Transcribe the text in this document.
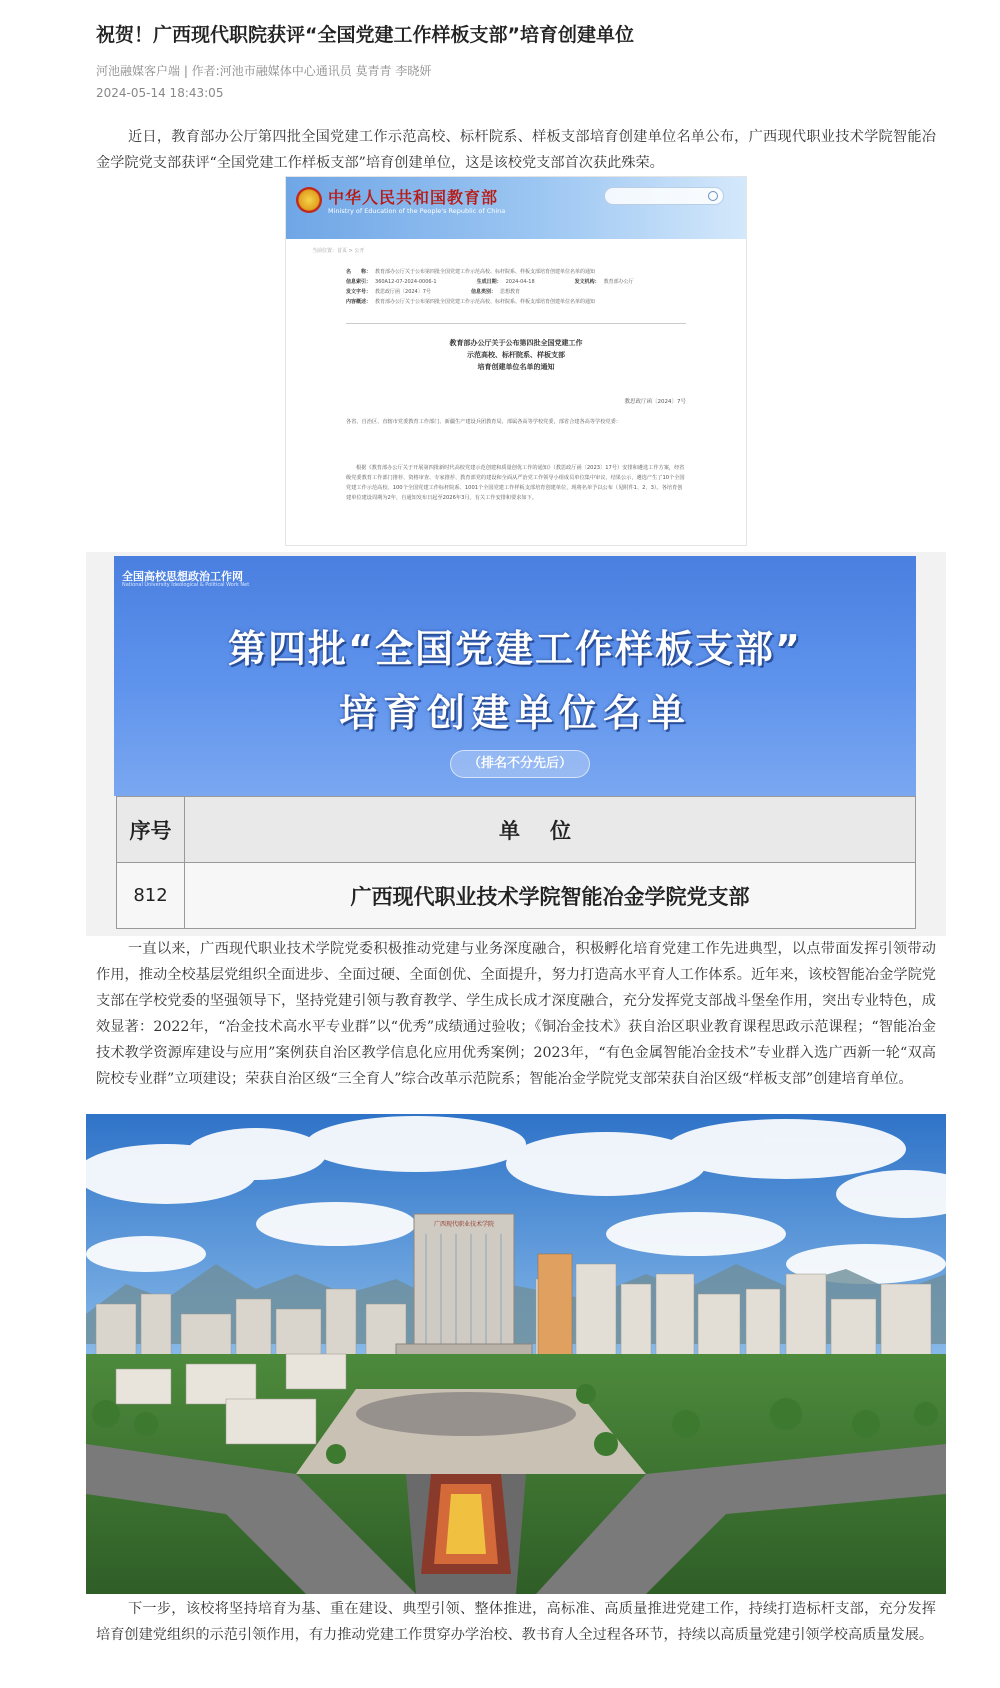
祝贺！广西现代职院获评“全国党建工作样板支部”培育创建单位
河池融媒客户端 | 作者:河池市融媒体中心通讯员 莫青青 李晓妍
2024-05-14 18:43:05

近日，教育部办公厅第四批全国党建工作示范高校、标杆院系、样板支部培育创建单位名单公布，广西现代职业技术学院智能冶金学院党支部获评“全国党建工作样板支部”培育创建单位，这是该校党支部首次获此殊荣。

中华人民共和国教育部
Ministry of Education of the People's Republic of China
当前位置：首页 > 公开
名　　称： 教育部办公厅关于公布第四批全国党建工作示范高校、标杆院系、样板支部培育创建单位名单的通知
信息索引： 360A12-07-2024-0006-1	生成日期： 2024-04-18	发文机构： 教育部办公厅
发文字号： 教思政厅函〔2024〕7号	信息类别： 思想教育
内容概述： 教育部办公厅关于公布第四批全国党建工作示范高校、标杆院系、样板支部培育创建单位名单的通知
教育部办公厅关于公布第四批全国党建工作
示范高校、标杆院系、样板支部
培育创建单位名单的通知
教思政厅函〔2024〕7号
各省、自治区、直辖市党委教育工作部门、新疆生产建设兵团教育局，部属各高等学校党委，部省合建各高等学校党委：
根据《教育部办公厅关于开展第四批新时代高校党建示范创建和质量创优工作的通知》（教思政厅函〔2023〕17号）安排和遴选工作方案，经省级党委教育工作部门推荐、资格审查、专家推荐、教育部党的建设和全面从严治党工作领导小组成员单位集中审议、结果公示，遴选产生了10个全国党建工作示范高校、100个全国党建工作标杆院系、1001个全国党建工作样板支部培育创建单位，现将名单予以公布（见附件1、2、3）。各培育创建单位建设周期为2年，自通知发布日起至2026年3月。有关工作安排和要求如下。
全国高校思想政治工作网
National University Ideological & Political Work Net
第四批“全国党建工作样板支部”
培育创建单位名单
（排名不分先后）
序号	单位
812	广西现代职业技术学院智能冶金学院党支部

一直以来，广西现代职业技术学院党委积极推动党建与业务深度融合，积极孵化培育党建工作先进典型，以点带面发挥引领带动作用，推动全校基层党组织全面进步、全面过硬、全面创优、全面提升，努力打造高水平育人工作体系。近年来，该校智能冶金学院党支部在学校党委的坚强领导下，坚持党建引领与教育教学、学生成长成才深度融合，充分发挥党支部战斗堡垒作用，突出专业特色，成效显著：2022年，“冶金技术高水平专业群”以“优秀”成绩通过验收；《铜冶金技术》获自治区职业教育课程思政示范课程；“智能冶金技术教学资源库建设与应用”案例获自治区教学信息化应用优秀案例；2023年，“有色金属智能冶金技术”专业群入选广西新一轮“双高院校专业群”立项建设；荣获自治区级“三全育人”综合改革示范院系；智能冶金学院党支部荣获自治区级“样板支部”创建培育单位。

广西现代职业技术学院

下一步，该校将坚持培育为基、重在建设、典型引领、整体推进，高标准、高质量推进党建工作，持续打造标杆支部，充分发挥培育创建党组织的示范引领作用，有力推动党建工作贯穿办学治校、教书育人全过程各环节，持续以高质量党建引领学校高质量发展。
